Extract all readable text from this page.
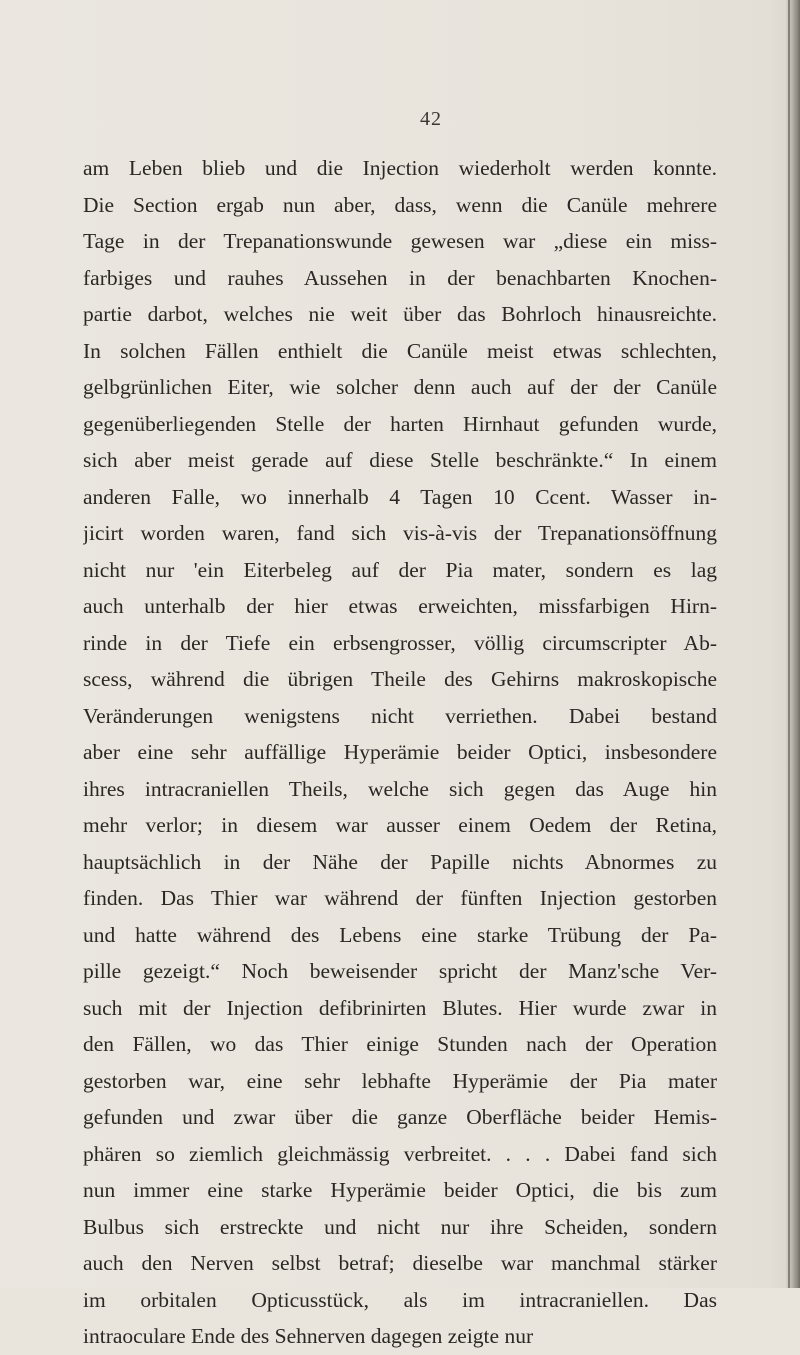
42
am Leben blieb und die Injection wiederholt werden konnte.
Die Section ergab nun aber, dass, wenn die Canüle mehrere
Tage in der Trepanationswunde gewesen war „diese ein miss-
farbiges und rauhes Aussehen in der benachbarten Knochen-
partie darbot, welches nie weit über das Bohrloch hinausreichte.
In solchen Fällen enthielt die Canüle meist etwas schlechten,
gelbgrünlichen Eiter, wie solcher denn auch auf der der Canüle
gegenüberliegenden Stelle der harten Hirnhaut gefunden wurde,
sich aber meist gerade auf diese Stelle beschränkte.“ In einem
anderen Falle, wo innerhalb 4 Tagen 10 Ccent. Wasser in-
jicirt worden waren, fand sich vis-à-vis der Trepanationsöffnung
nicht nur 'ein Eiterbeleg auf der Pia mater, sondern es lag
auch unterhalb der hier etwas erweichten, missfarbigen Hirn-
rinde in der Tiefe ein erbsengrosser, völlig circumscripter Ab-
scess, während die übrigen Theile des Gehirns makroskopische
Veränderungen wenigstens nicht verriethen. Dabei bestand
aber eine sehr auffällige Hyperämie beider Optici, insbesondere
ihres intracraniellen Theils, welche sich gegen das Auge hin
mehr verlor; in diesem war ausser einem Oedem der Retina,
hauptsächlich in der Nähe der Papille nichts Abnormes zu
finden. Das Thier war während der fünften Injection gestorben
und hatte während des Lebens eine starke Trübung der Pa-
pille gezeigt.“ Noch beweisender spricht der Manz'sche Ver-
such mit der Injection defibrinirten Blutes. Hier wurde zwar in
den Fällen, wo das Thier einige Stunden nach der Operation
gestorben war, eine sehr lebhafte Hyperämie der Pia mater
gefunden und zwar über die ganze Oberfläche beider Hemis-
phären so ziemlich gleichmässig verbreitet. . . . Dabei fand sich
nun immer eine starke Hyperämie beider Optici, die bis zum
Bulbus sich erstreckte und nicht nur ihre Scheiden, sondern
auch den Nerven selbst betraf; dieselbe war manchmal stärker
im orbitalen Opticusstück, als im intracraniellen. Das
intraoculare Ende des Sehnerven dagegen zeigte nur
